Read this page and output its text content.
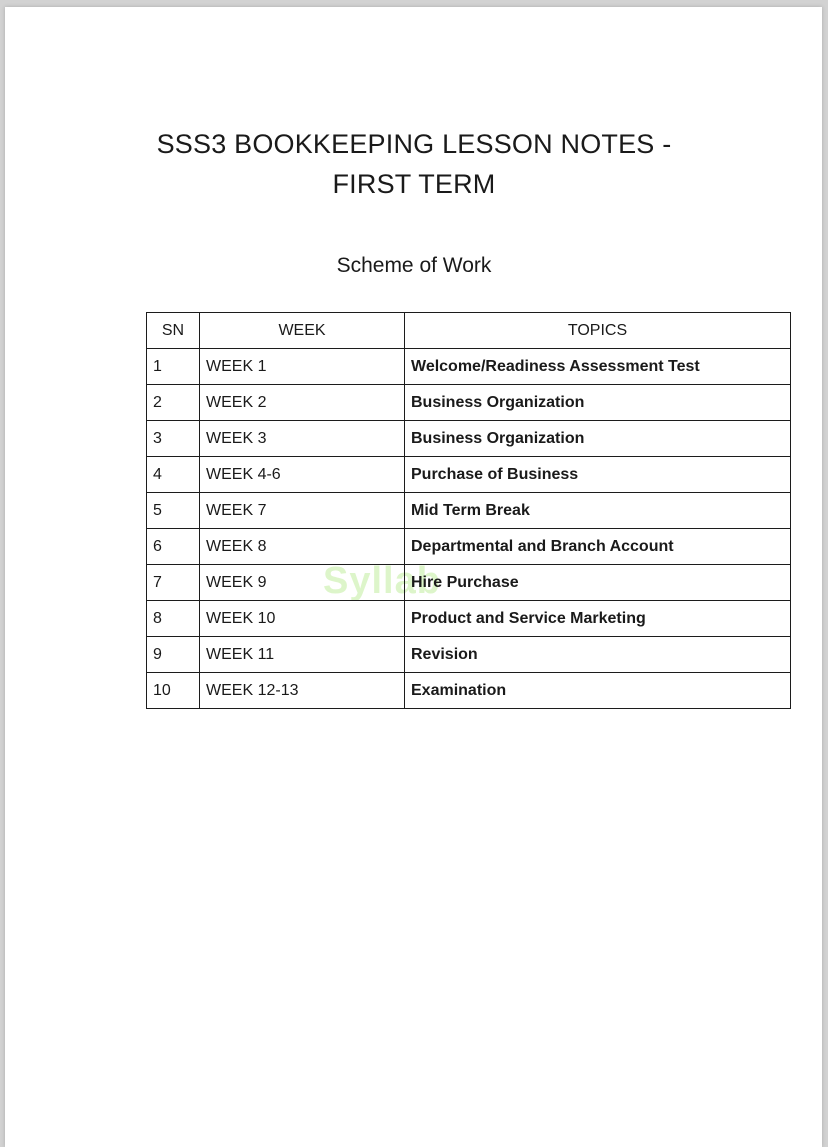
SSS3 BOOKKEEPING LESSON NOTES -
FIRST TERM
Scheme of Work
Syllab
SN	WEEK	TOPICS
1	WEEK 1	Welcome/Readiness Assessment Test
2	WEEK 2	Business Organization
3	WEEK 3	Business Organization
4	WEEK 4-6	Purchase of Business
5	WEEK 7	Mid Term Break
6	WEEK 8	Departmental and Branch Account
7	WEEK 9	Hire Purchase
8	WEEK 10	Product and Service Marketing
9	WEEK 11	Revision
10	WEEK 12-13	Examination
